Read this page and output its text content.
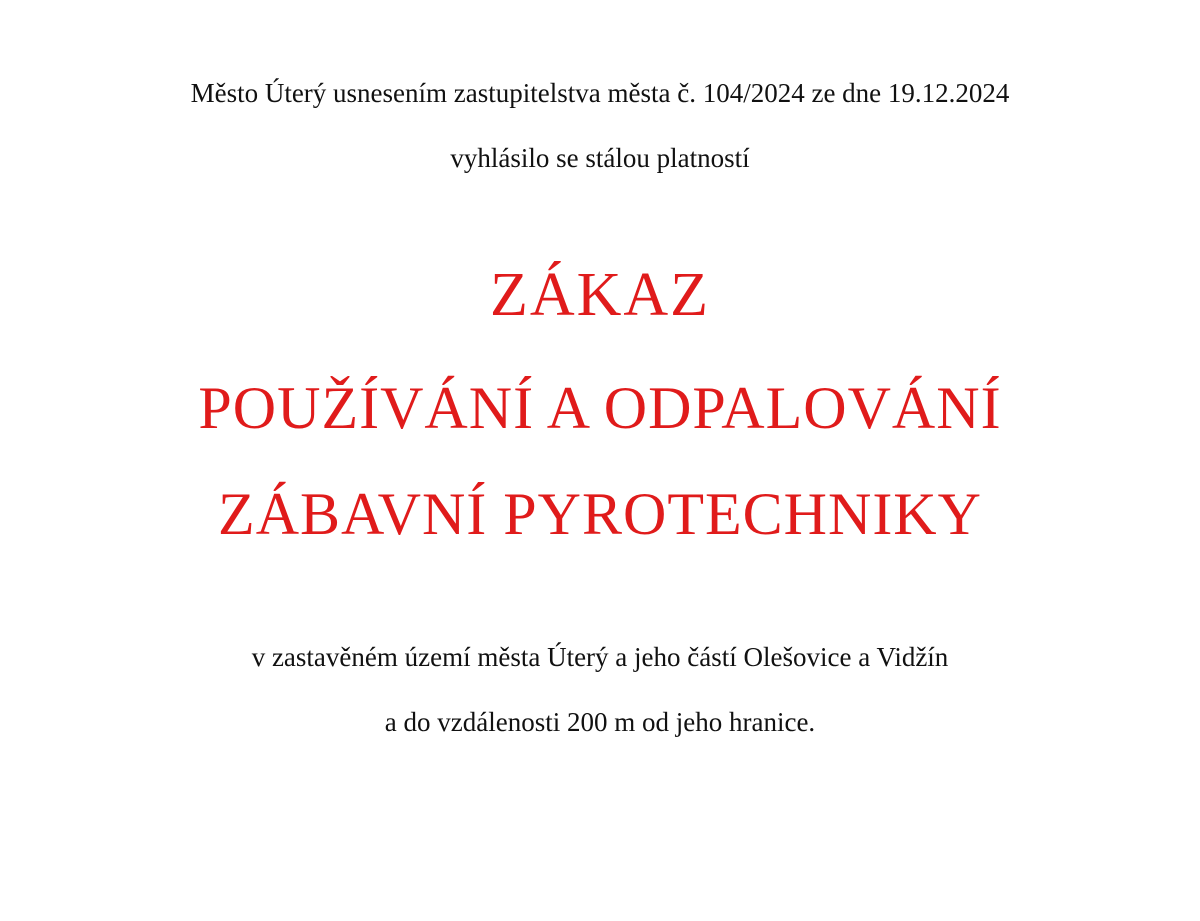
Město Úterý usnesením zastupitelstva města č. 104/2024 ze dne 19.12.2024
vyhlásilo se stálou platností
ZÁKAZ
POUŽÍVÁNÍ A ODPALOVÁNÍ
ZÁBAVNÍ PYROTECHNIKY
v zastavěném území města Úterý a jeho částí Olešovice a Vidžín
a do vzdálenosti 200 m od jeho hranice.
